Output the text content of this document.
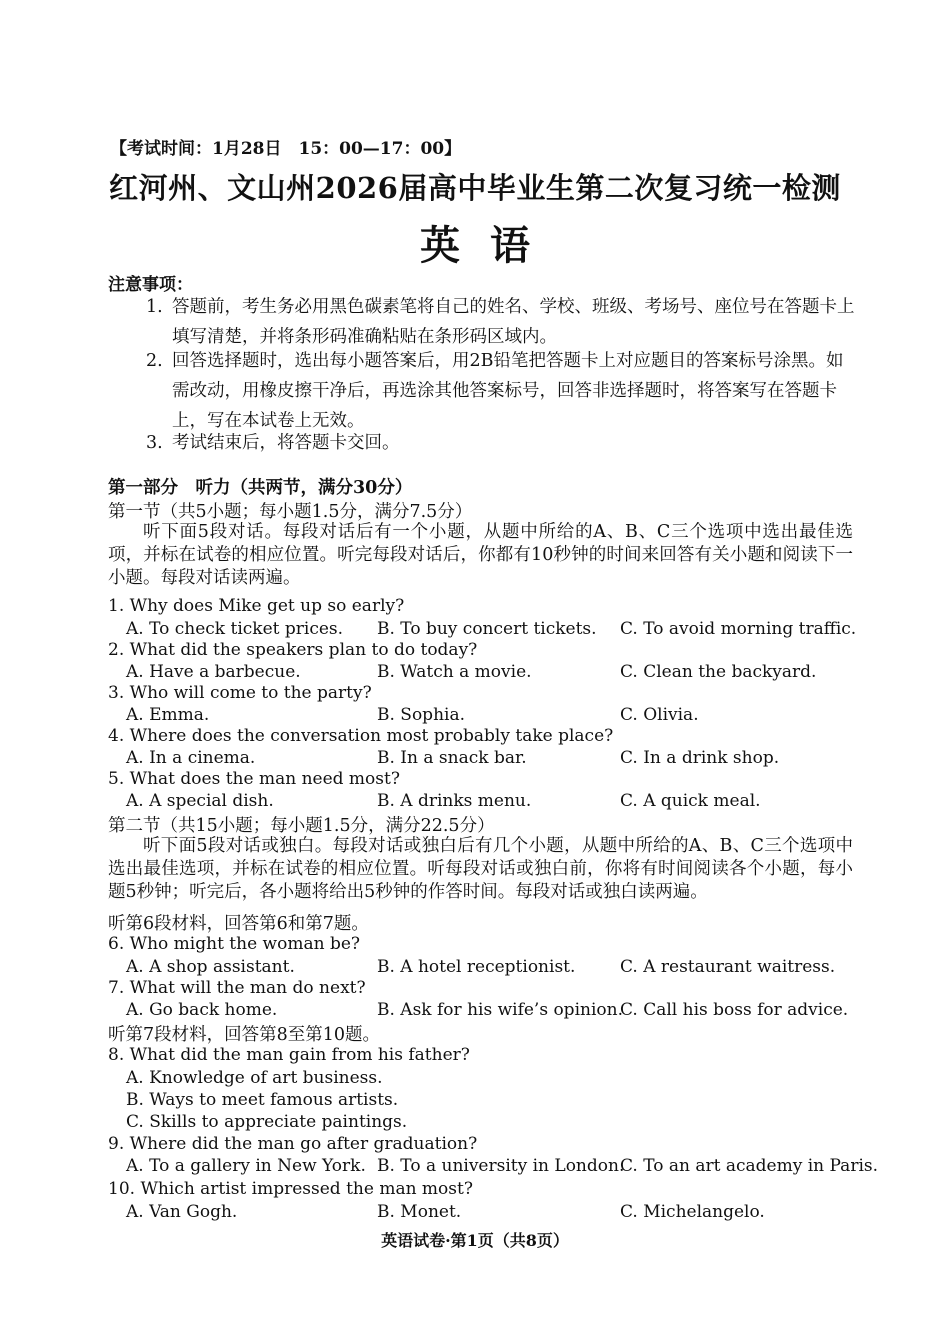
【考试时间：1月28日　15：00—17：00】
红河州、文山州2026届高中毕业生第二次复习统一检测
英语
注意事项：
1. 答题前，考生务必用黑色碳素笔将自己的姓名、学校、班级、考场号、座位号在答题卡上填写清楚，并将条形码准确粘贴在条形码区域内。
2. 回答选择题时，选出每小题答案后，用2B铅笔把答题卡上对应题目的答案标号涂黑。如需改动，用橡皮擦干净后，再选涂其他答案标号，回答非选择题时，将答案写在答题卡上，写在本试卷上无效。
3. 考试结束后，将答题卡交回。
第一部分　听力（共两节，满分30分）
第一节（共5小题；每小题1.5分，满分7.5分）
听下面5段对话。每段对话后有一个小题，从题中所给的A、B、C三个选项中选出最佳选项，并标在试卷的相应位置。听完每段对话后，你都有10秒钟的时间来回答有关小题和阅读下一小题。每段对话读两遍。
1. Why does Mike get up so early?
A. To check ticket prices. B. To buy concert tickets. C. To avoid morning traffic.
2. What did the speakers plan to do today?
A. Have a barbecue.	B. Watch a movie.	C. Clean the backyard.
3. Who will come to the party?
A. Emma.	B. Sophia.	C. Olivia.
4. Where does the conversation most probably take place?
A. In a cinema.	B. In a snack bar.	C. In a drink shop.
5. What does the man need most?
A. A special dish.	B. A drinks menu.	C. A quick meal.
第二节（共15小题；每小题1.5分，满分22.5分）
听下面5段对话或独白。每段对话或独白后有几个小题，从题中所给的A、B、C三个选项中选出最佳选项，并标在试卷的相应位置。听每段对话或独白前，你将有时间阅读各个小题，每小题5秒钟；听完后，各小题将给出5秒钟的作答时间。每段对话或独白读两遍。
听第6段材料，回答第6和第7题。
6. Who might the woman be?
A. A shop assistant.	B. A hotel receptionist.	C. A restaurant waitress.
7. What will the man do next?
A. Go back home.	B. Ask for his wife’s opinion.
C. Call his boss for advice.
听第7段材料，回答第8至第10题。
8. What did the man gain from his father?
A. Knowledge of art business.
B. Ways to meet famous artists.
C. Skills to appreciate paintings.
9. Where did the man go after graduation?
A. To a gallery in New York. B. To a university in London.
C. To an art academy in Paris.
10. Which artist impressed the man most?
A. Van Gogh.	B. Monet.	C. Michelangelo.
英语试卷·第1页（共8页）
